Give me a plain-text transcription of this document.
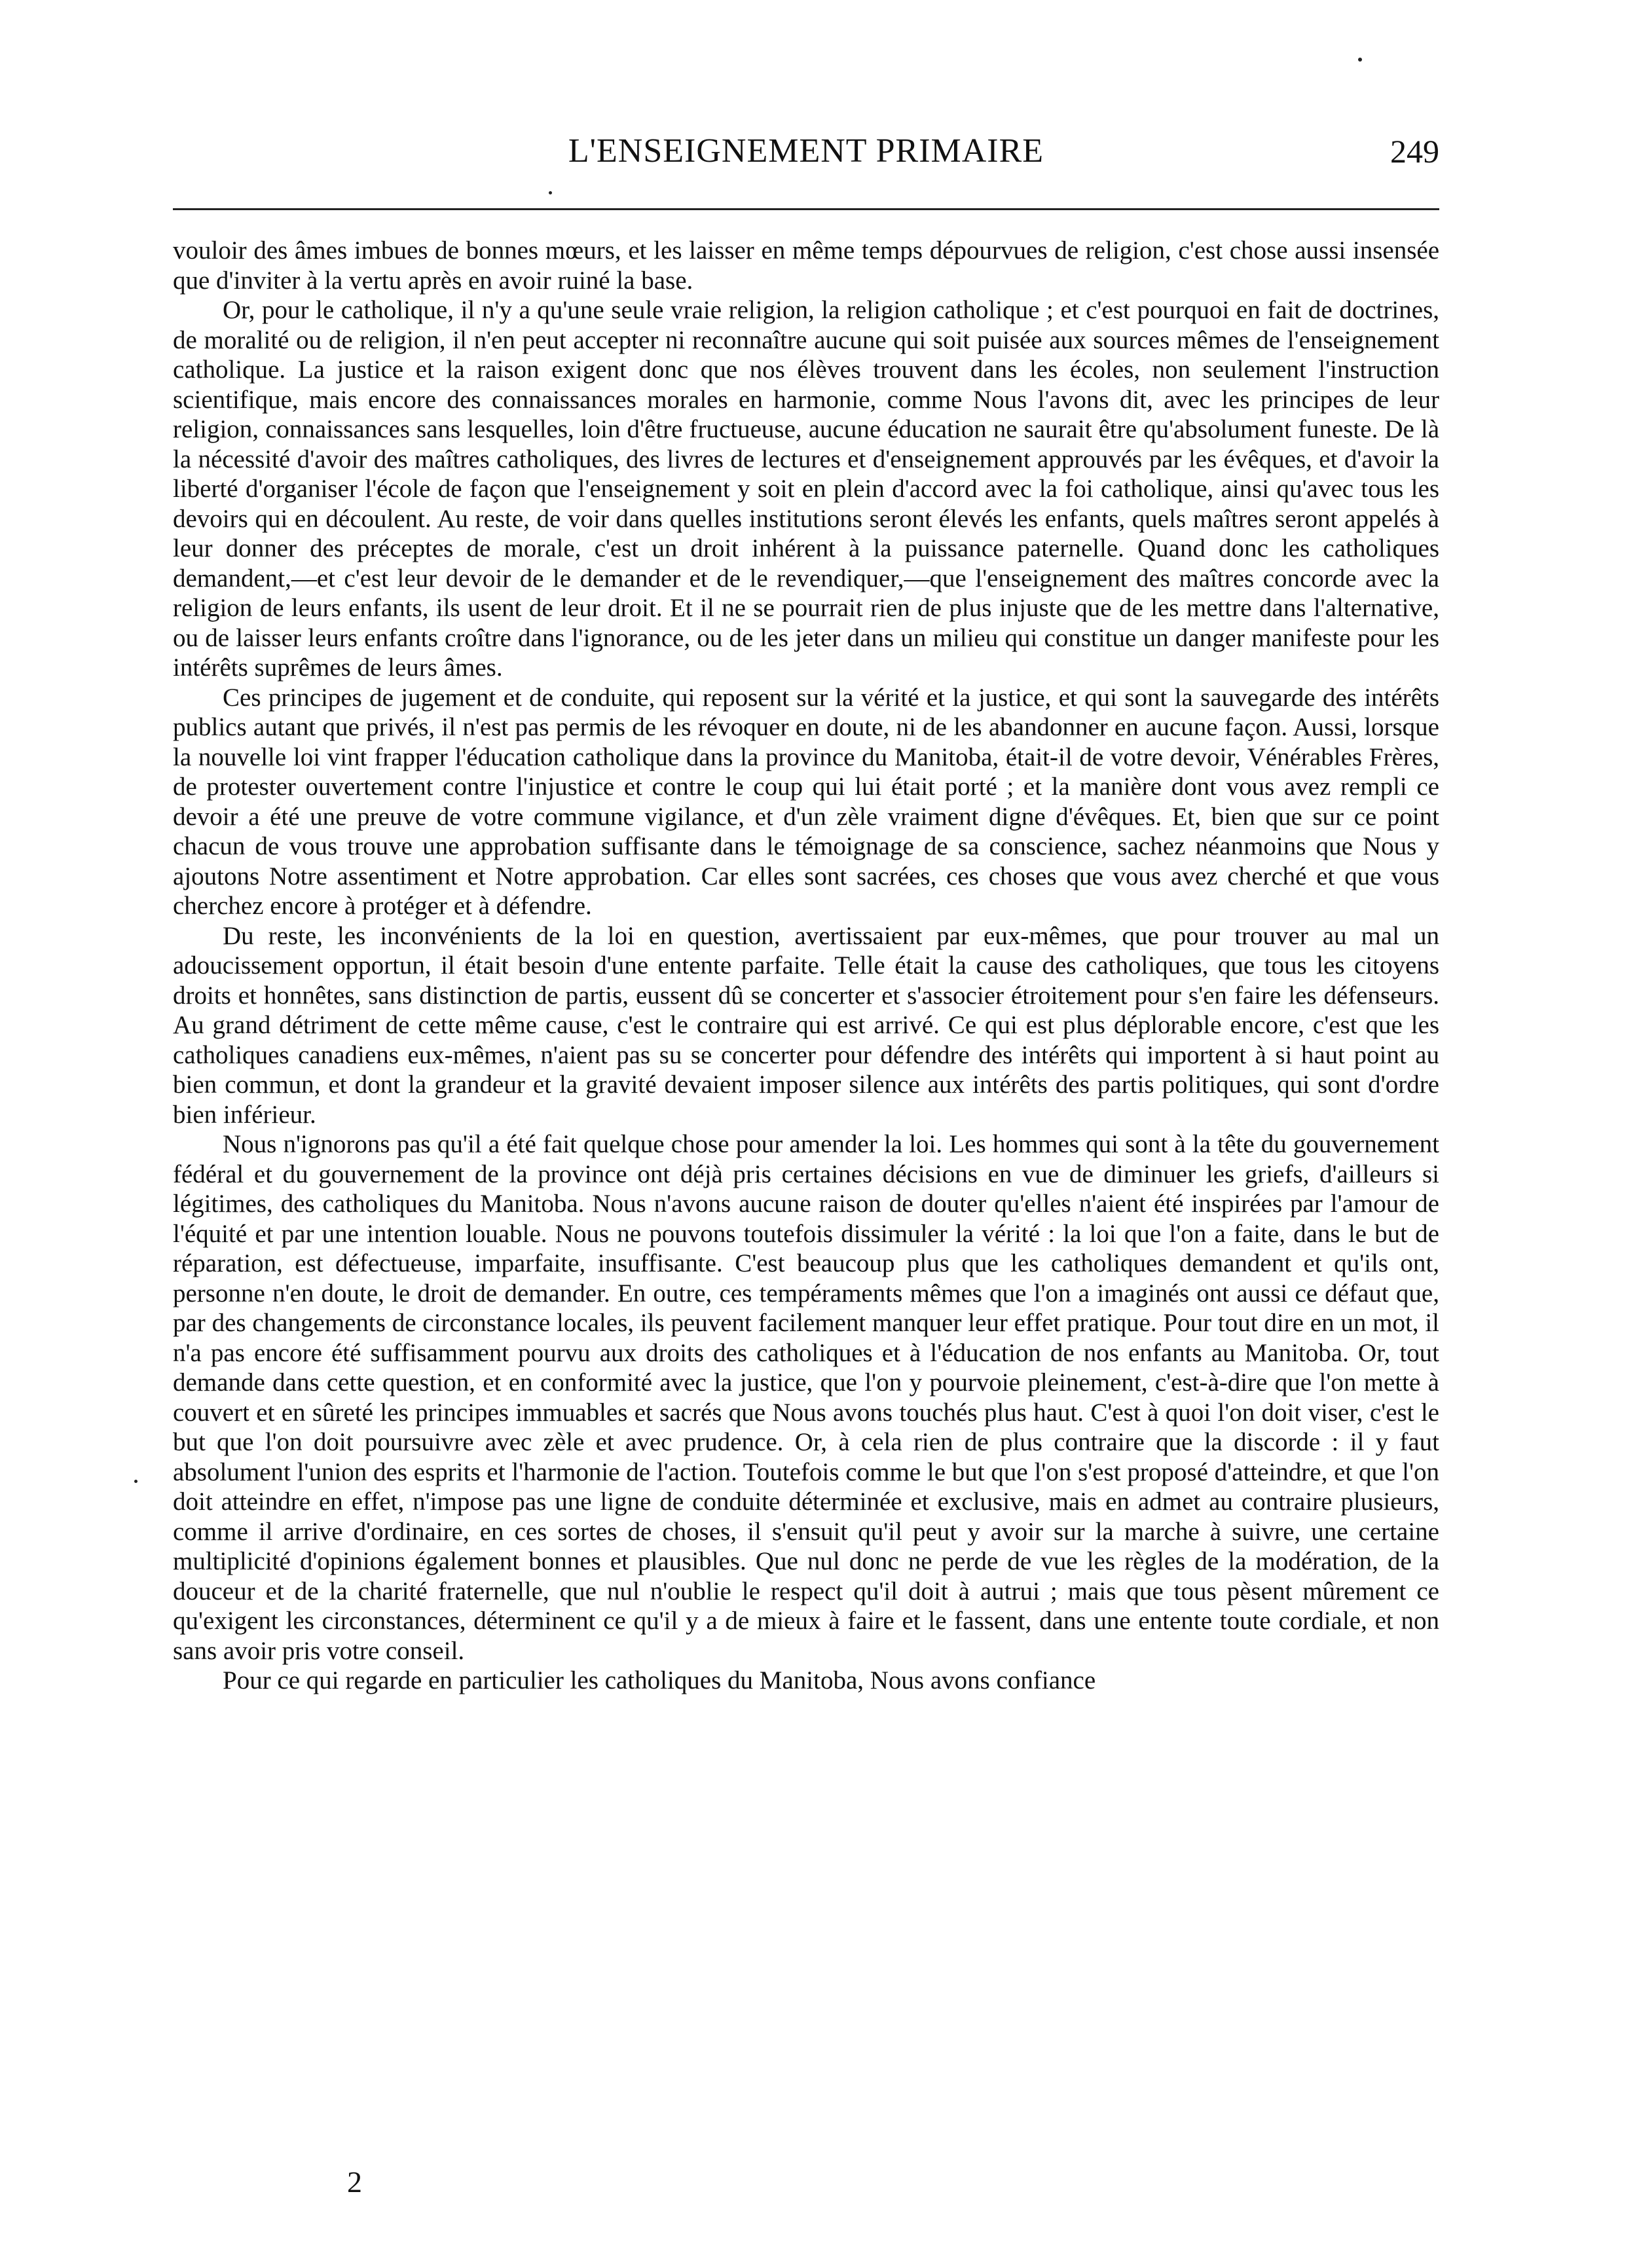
L'ENSEIGNEMENT PRIMAIRE	249

vouloir des âmes imbues de bonnes mœurs, et les laisser en même temps dépourvues de religion, c'est chose aussi insensée que d'inviter à la vertu après en avoir ruiné la base.

Or, pour le catholique, il n'y a qu'une seule vraie religion, la religion catholique ; et c'est pourquoi en fait de doctrines, de moralité ou de religion, il n'en peut accepter ni reconnaître aucune qui soit puisée aux sources mêmes de l'enseignement catholique. La justice et la raison exigent donc que nos élèves trouvent dans les écoles, non seulement l'instruction scientifique, mais encore des connaissances morales en harmonie, comme Nous l'avons dit, avec les principes de leur religion, connaissances sans lesquelles, loin d'être fructueuse, aucune éducation ne saurait être qu'absolument funeste. De là la nécessité d'avoir des maîtres catholiques, des livres de lectures et d'enseignement approuvés par les évêques, et d'avoir la liberté d'organiser l'école de façon que l'enseignement y soit en plein d'accord avec la foi catholique, ainsi qu'avec tous les devoirs qui en découlent. Au reste, de voir dans quelles institutions seront élevés les enfants, quels maîtres seront appelés à leur donner des préceptes de morale, c'est un droit inhérent à la puissance paternelle. Quand donc les catholiques demandent,—et c'est leur devoir de le demander et de le revendiquer,—que l'enseignement des maîtres concorde avec la religion de leurs enfants, ils usent de leur droit. Et il ne se pourrait rien de plus injuste que de les mettre dans l'alternative, ou de laisser leurs enfants croître dans l'ignorance, ou de les jeter dans un milieu qui constitue un danger manifeste pour les intérêts suprêmes de leurs âmes.

Ces principes de jugement et de conduite, qui reposent sur la vérité et la justice, et qui sont la sauvegarde des intérêts publics autant que privés, il n'est pas permis de les révoquer en doute, ni de les abandonner en aucune façon. Aussi, lorsque la nouvelle loi vint frapper l'éducation catholique dans la province du Manitoba, était-il de votre devoir, Vénérables Frères, de protester ouvertement contre l'injustice et contre le coup qui lui était porté ; et la manière dont vous avez rempli ce devoir a été une preuve de votre commune vigilance, et d'un zèle vraiment digne d'évêques. Et, bien que sur ce point chacun de vous trouve une approbation suffisante dans le témoignage de sa conscience, sachez néanmoins que Nous y ajoutons Notre assentiment et Notre approbation. Car elles sont sacrées, ces choses que vous avez cherché et que vous cherchez encore à protéger et à défendre.

Du reste, les inconvénients de la loi en question, avertissaient par eux-mêmes, que pour trouver au mal un adoucissement opportun, il était besoin d'une entente parfaite. Telle était la cause des catholiques, que tous les citoyens droits et honnêtes, sans distinction de partis, eussent dû se concerter et s'associer étroitement pour s'en faire les défenseurs. Au grand détriment de cette même cause, c'est le contraire qui est arrivé. Ce qui est plus déplorable encore, c'est que les catholiques canadiens eux-mêmes, n'aient pas su se concerter pour défendre des intérêts qui importent à si haut point au bien commun, et dont la grandeur et la gravité devaient imposer silence aux intérêts des partis politiques, qui sont d'ordre bien inférieur.

Nous n'ignorons pas qu'il a été fait quelque chose pour amender la loi. Les hommes qui sont à la tête du gouvernement fédéral et du gouvernement de la province ont déjà pris certaines décisions en vue de diminuer les griefs, d'ailleurs si légitimes, des catholiques du Manitoba. Nous n'avons aucune raison de douter qu'elles n'aient été inspirées par l'amour de l'équité et par une intention louable. Nous ne pouvons toutefois dissimuler la vérité : la loi que l'on a faite, dans le but de réparation, est défectueuse, imparfaite, insuffisante. C'est beaucoup plus que les catholiques demandent et qu'ils ont, personne n'en doute, le droit de demander. En outre, ces tempéraments mêmes que l'on a imaginés ont aussi ce défaut que, par des changements de circonstance locales, ils peuvent facilement manquer leur effet pratique. Pour tout dire en un mot, il n'a pas encore été suffisamment pourvu aux droits des catholiques et à l'éducation de nos enfants au Manitoba. Or, tout demande dans cette question, et en conformité avec la justice, que l'on y pourvoie pleinement, c'est-à-dire que l'on mette à couvert et en sûreté les principes immuables et sacrés que Nous avons touchés plus haut. C'est à quoi l'on doit viser, c'est le but que l'on doit poursuivre avec zèle et avec prudence. Or, à cela rien de plus contraire que la discorde : il y faut absolument l'union des esprits et l'harmonie de l'action. Toutefois comme le but que l'on s'est proposé d'atteindre, et que l'on doit atteindre en effet, n'impose pas une ligne de conduite déterminée et exclusive, mais en admet au contraire plusieurs, comme il arrive d'ordinaire, en ces sortes de choses, il s'ensuit qu'il peut y avoir sur la marche à suivre, une certaine multiplicité d'opinions également bonnes et plausibles. Que nul donc ne perde de vue les règles de la modération, de la douceur et de la charité fraternelle, que nul n'oublie le respect qu'il doit à autrui ; mais que tous pèsent mûrement ce qu'exigent les circonstances, déterminent ce qu'il y a de mieux à faire et le fassent, dans une entente toute cordiale, et non sans avoir pris votre conseil.

Pour ce qui regarde en particulier les catholiques du Manitoba, Nous avons confiance

2
